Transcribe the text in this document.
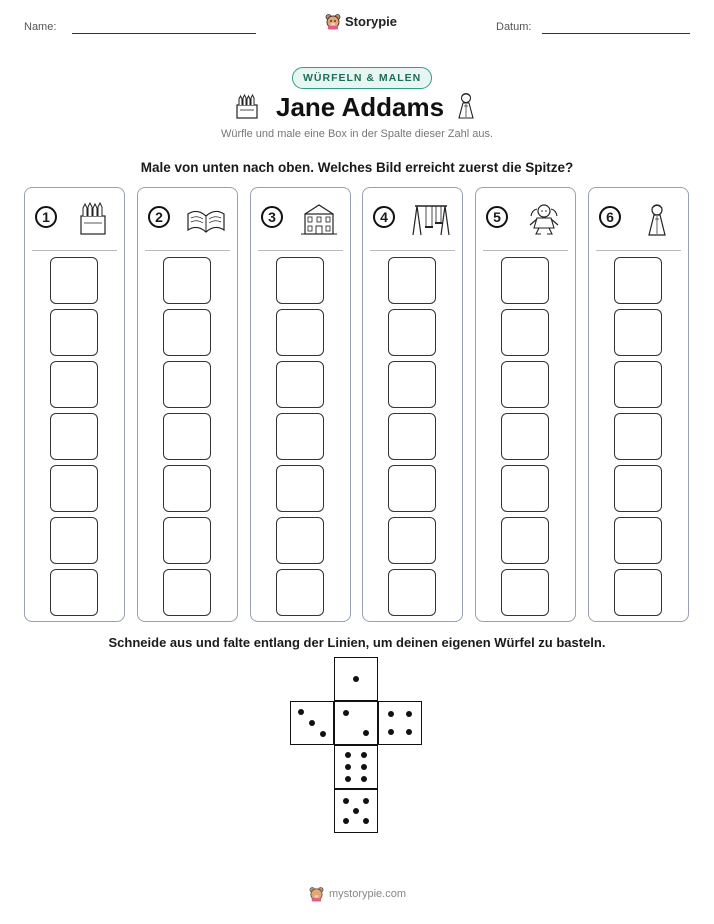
Name:	Storypie	Datum:
WÜRFELN & MALEN
Jane Addams
Würfle und male eine Box in der Spalte dieser Zahl aus.
Male von unten nach oben. Welches Bild erreicht zuerst die Spitze?
1	2	3	4	5	6
Schneide aus und falte entlang der Linien, um deinen eigenen Würfel zu basteln.
mystorypie.com
